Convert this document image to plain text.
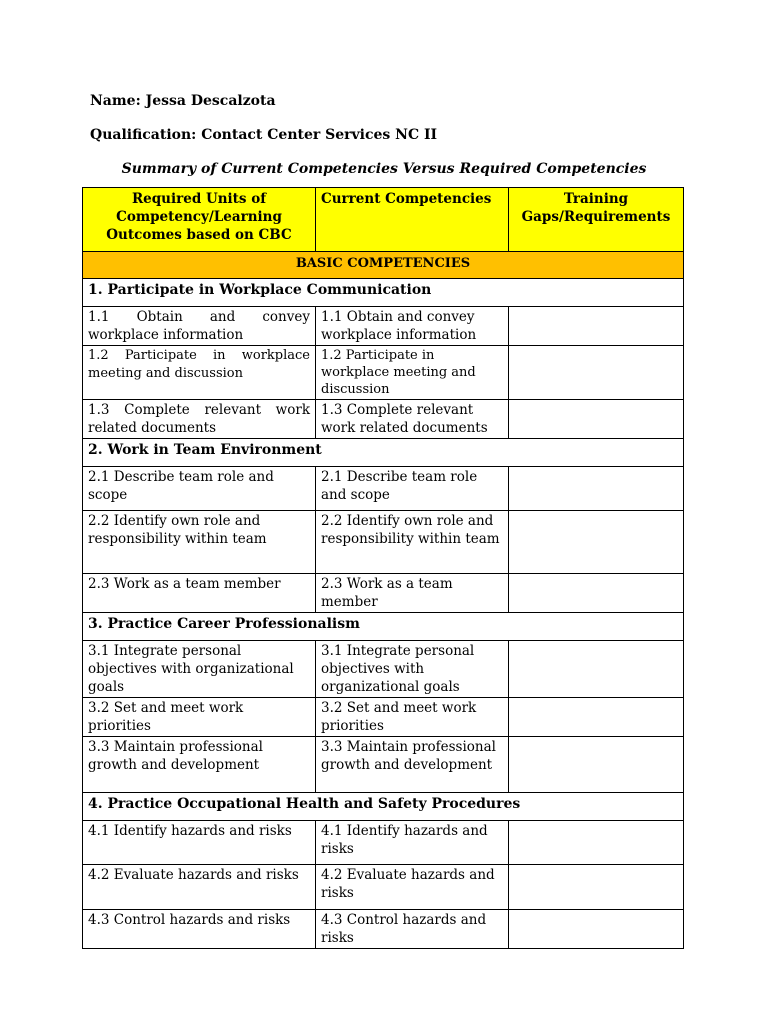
Name: Jessa Descalzota
Qualification: Contact Center Services NC II
Summary of Current Competencies Versus Required Competencies
Required Units of Competency/Learning Outcomes based on CBC	Current Competencies	Training Gaps/Requirements
BASIC COMPETENCIES		
1. Participate in Workplace Communication		
1.1 Obtain and convey workplace information	1.1 Obtain and convey workplace information	
1.2 Participate in workplace meeting and discussion	1.2 Participate in workplace meeting and discussion	
1.3 Complete relevant work related documents	1.3 Complete relevant work related documents	
2. Work in Team Environment		
2.1 Describe team role and scope	2.1 Describe team role and scope	
2.2 Identify own role and responsibility within team	2.2 Identify own role and responsibility within team	
2.3 Work as a team member	2.3 Work as a team member	
3. Practice Career Professionalism		
3.1 Integrate personal objectives with organizational goals	3.1 Integrate personal objectives with organizational goals	
3.2 Set and meet work priorities	3.2 Set and meet work priorities	
3.3 Maintain professional growth and development	3.3 Maintain professional growth and development	
4. Practice Occupational Health and Safety Procedures		
4.1 Identify hazards and risks	4.1 Identify hazards and risks	
4.2 Evaluate hazards and risks	4.2 Evaluate hazards and risks	
4.3 Control hazards and risks	4.3 Control hazards and risks	
